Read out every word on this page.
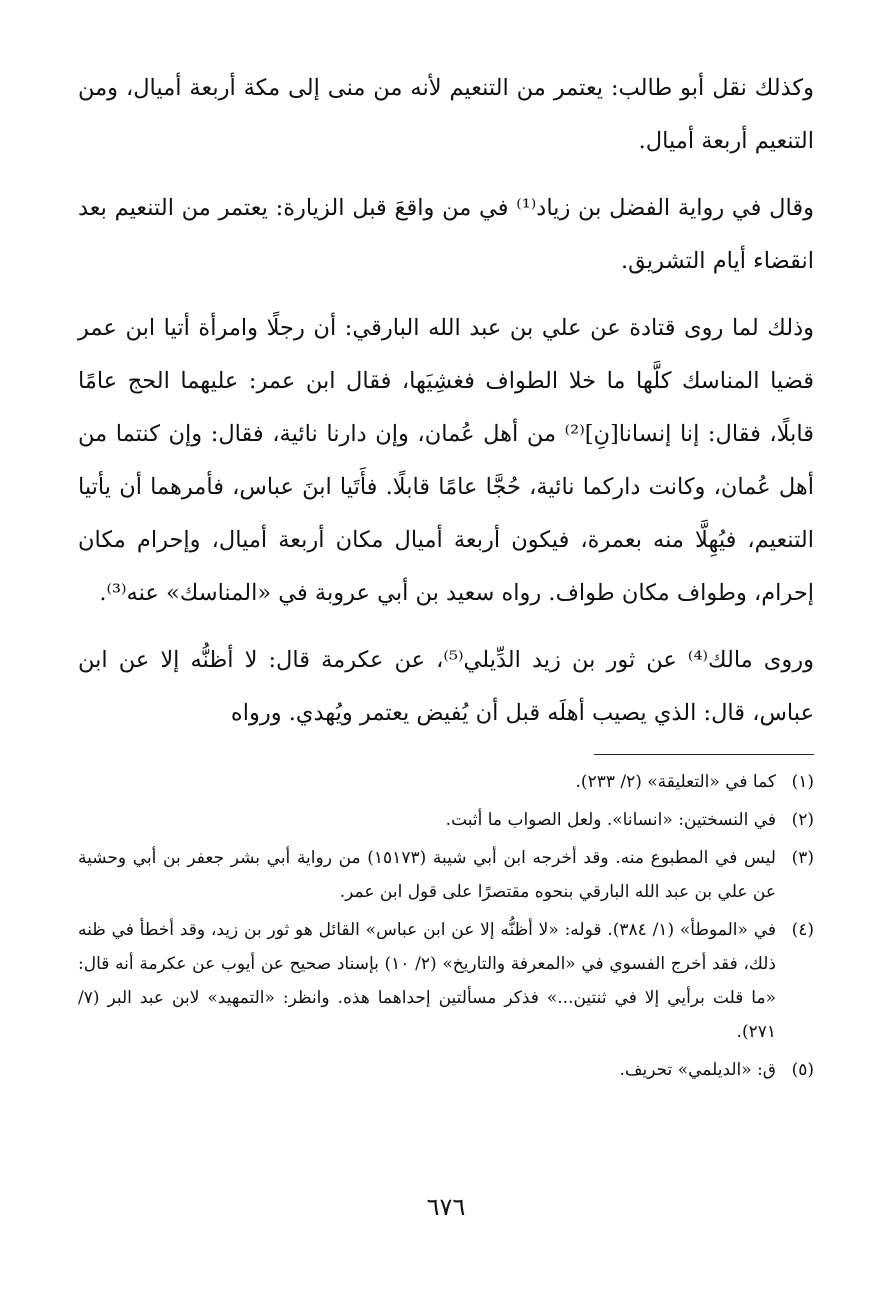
وكذلك نقل أبو طالب: يعتمر من التنعيم لأنه من منى إلى مكة أربعة أميال، ومن التنعيم أربعة أميال.

وقال في رواية الفضل بن زياد⁽¹⁾ في من واقعَ قبل الزيارة: يعتمر من التنعيم بعد انقضاء أيام التشريق.

وذلك لما روى قتادة عن علي بن عبد الله البارقي: أن رجلًا وامرأة أتيا ابن عمر قضيا المناسك كلَّها ما خلا الطواف فغشِيَها، فقال ابن عمر: عليهما الحج عامًا قابلًا، فقال: إنا إنسانا[نِ]⁽²⁾ من أهل عُمان، وإن دارنا نائية، فقال: وإن كنتما من أهل عُمان، وكانت داركما نائية، حُجَّا عامًا قابلًا. فأَتَيا ابنَ عباس، فأمرهما أن يأتيا التنعيم، فيُهِلَّا منه بعمرة، فيكون أربعة أميال مكان أربعة أميال، وإحرام مكان إحرام، وطواف مكان طواف. رواه سعيد بن أبي عروبة في «المناسك» عنه⁽³⁾.

وروى مالك⁽⁴⁾ عن ثور بن زيد الدِّيلي⁽⁵⁾، عن عكرمة قال: لا أظنُّه إلا عن ابن عباس، قال: الذي يصيب أهلَه قبل أن يُفيض يعتمر ويُهدي. ورواه

(١)
كما في «التعليقة» (٢/ ٢٣٣).
(٢)
في النسختين: «انسانا». ولعل الصواب ما أثبت.
(٣)
ليس في المطبوع منه. وقد أخرجه ابن أبي شيبة (١٥١٧٣) من رواية أبي بشر جعفر بن أبي وحشية عن علي بن عبد الله البارقي بنحوه مقتصرًا على قول ابن عمر.
(٤)
في «الموطأ» (١/ ٣٨٤). قوله: «لا أظنُّه إلا عن ابن عباس» القائل هو ثور بن زيد، وقد أخطأ في ظنه ذلك، فقد أخرج الفسوي في «المعرفة والتاريخ» (٢/ ١٠) بإسناد صحيح عن أيوب عن عكرمة أنه قال: «ما قلت برأيي إلا في ثنتين...» فذكر مسألتين إحداهما هذه. وانظر: «التمهيد» لابن عبد البر (٧/ ٢٧١).
(٥)
ق: «الديلمي» تحريف.
٦٧٦
